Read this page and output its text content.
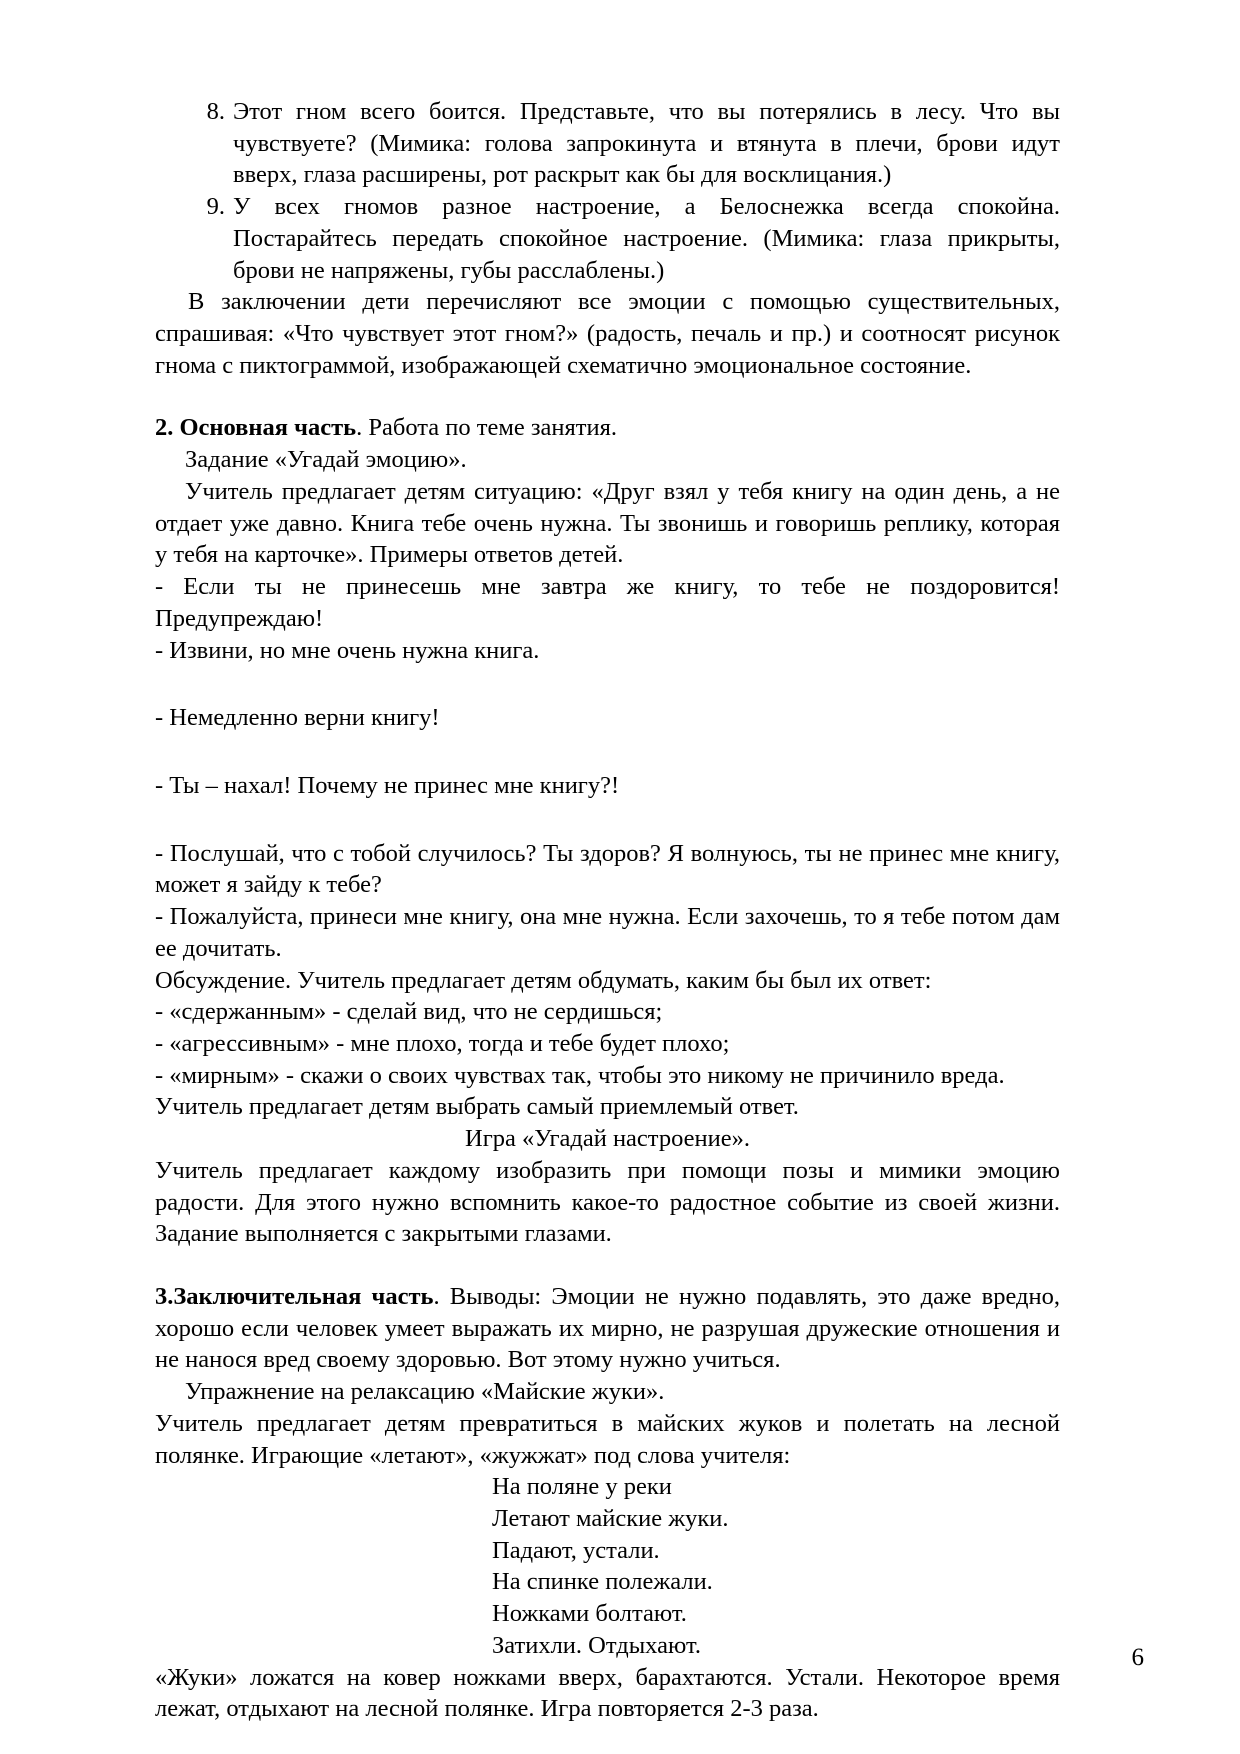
8. Этот гном всего боится. Представьте, что вы потерялись в лесу. Что вы чувствуете? (Мимика: голова запрокинута и втянута в плечи, брови идут вверх, глаза расширены, рот раскрыт как бы для восклицания.)
9. У всех гномов разное настроение, а Белоснежка всегда спокойна. Постарайтесь передать спокойное настроение. (Мимика: глаза прикрыты, брови не напряжены, губы расслаблены.)

В заключении дети перечисляют все эмоции с помощью существительных, спрашивая: «Что чувствует этот гном?» (радость, печаль и пр.) и соотносят рисунок гнома с пиктограммой, изображающей схематично эмоциональное состояние.

2. Основная часть. Работа по теме занятия.

Задание «Угадай эмоцию».

Учитель предлагает детям ситуацию: «Друг взял у тебя книгу на один день, а не отдает уже давно. Книга тебе очень нужна. Ты звонишь и говоришь реплику, которая у тебя на карточке». Примеры ответов детей.

- Если ты не принесешь мне завтра же книгу, то тебе не поздоровится! Предупреждаю!

- Извини, но мне очень нужна книга.

- Немедленно верни книгу!

- Ты – нахал! Почему не принес мне книгу?!

- Послушай, что с тобой случилось? Ты здоров? Я волнуюсь, ты не принес мне книгу, может я зайду к тебе?

- Пожалуйста, принеси мне книгу, она мне нужна. Если захочешь, то я тебе потом дам ее дочитать.

Обсуждение. Учитель предлагает детям обдумать, каким бы был их ответ:

- «сдержанным» - сделай вид, что не сердишься;

- «агрессивным» - мне плохо, тогда и тебе будет плохо;

- «мирным» - скажи о своих чувствах так, чтобы это никому не причинило вреда.

Учитель предлагает детям выбрать самый приемлемый ответ.

Игра «Угадай настроение».

Учитель предлагает каждому изобразить при помощи позы и мимики эмоцию радости. Для этого нужно вспомнить какое-то радостное событие из своей жизни. Задание выполняется с закрытыми глазами.

3.Заключительная часть. Выводы: Эмоции не нужно подавлять, это даже вредно, хорошо если человек умеет выражать их мирно, не разрушая дружеские отношения и не нанося вред своему здоровью. Вот этому нужно учиться.

Упражнение на релаксацию «Майские жуки».

Учитель предлагает детям превратиться в майских жуков и полетать на лесной полянке. Играющие «летают», «жужжат» под слова учителя:

На поляне у реки
Летают майские жуки.
Падают, устали.
На спинке полежали.
Ножками болтают.
Затихли. Отдыхают.

«Жуки» ложатся на ковер ножками вверх, барахтаются. Устали. Некоторое время лежат, отдыхают на лесной полянке. Игра повторяется 2-3 раза.

6
